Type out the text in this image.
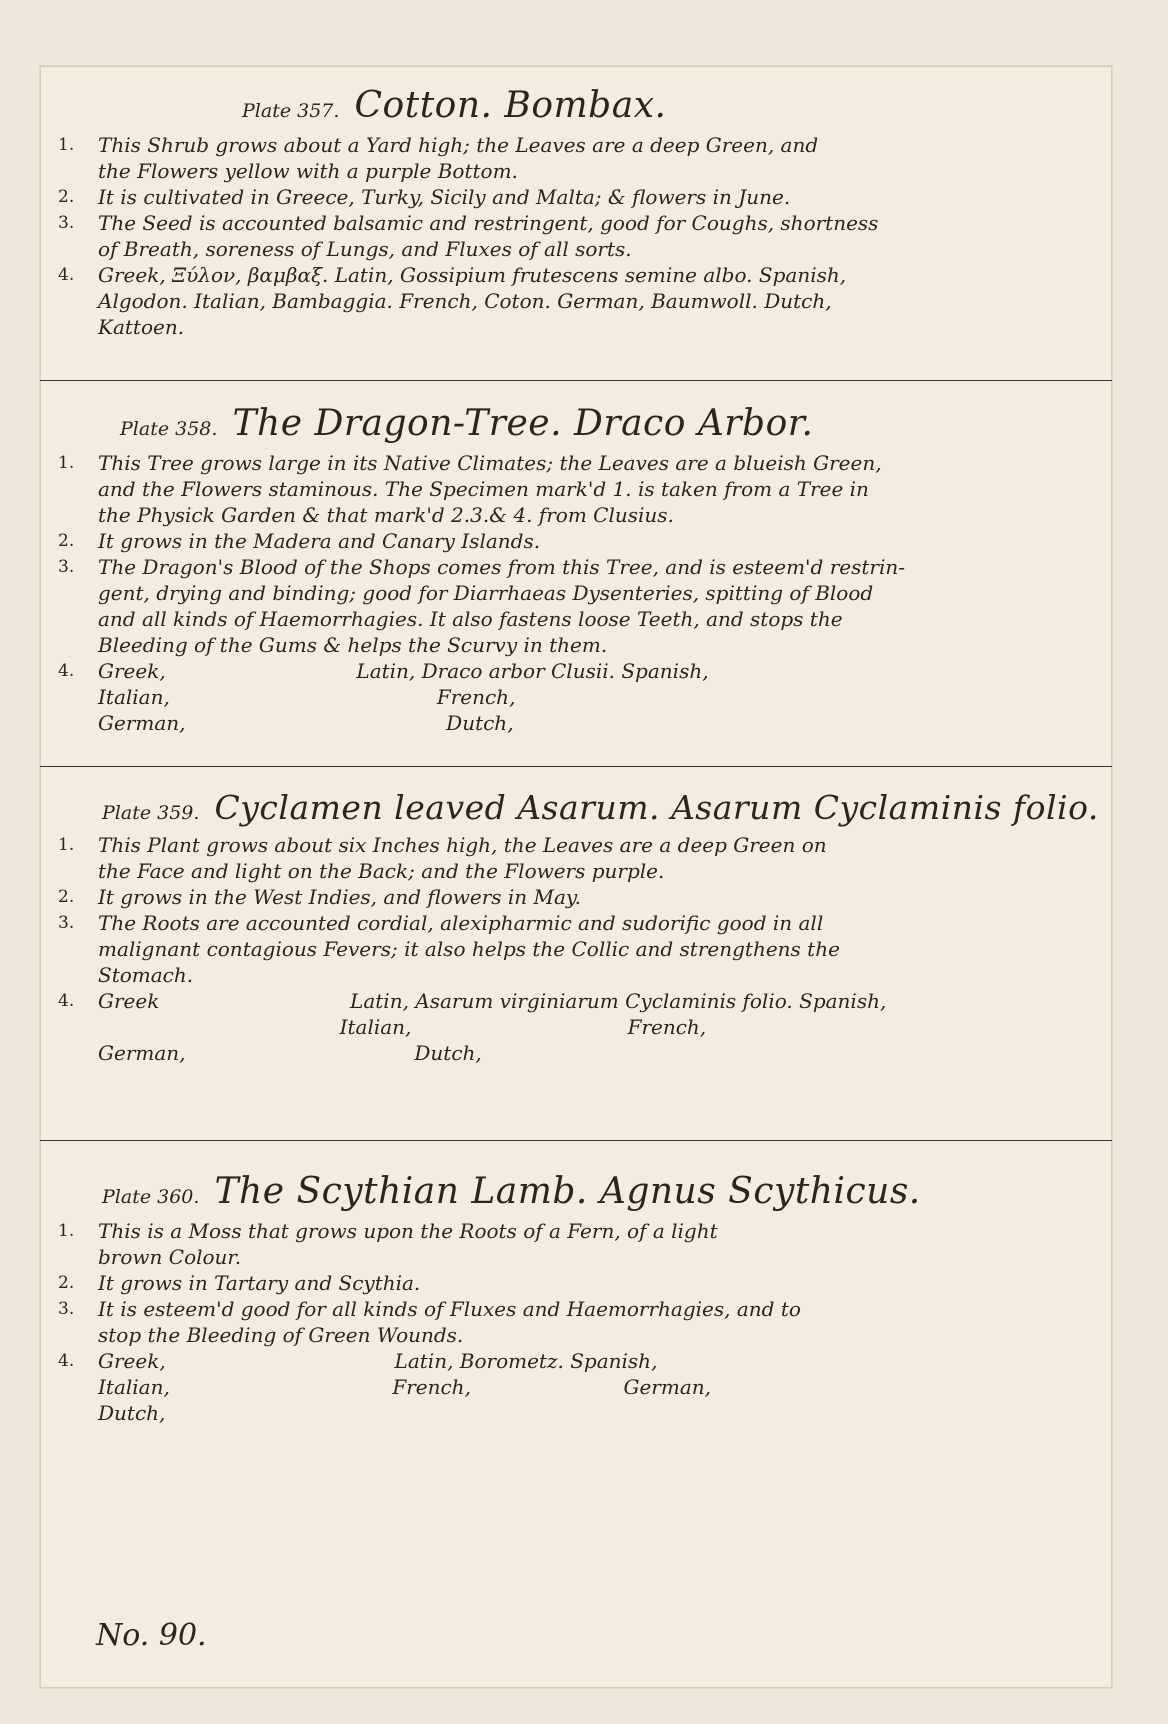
Plate 357. Cotton. Bombax.
1.	This Shrub grows about a Yard high; the Leaves are a deep Green, and
the Flowers yellow with a purple Bottom.
2.	It is cultivated in Greece, Turky, Sicily and Malta; & flowers in June.
3.	The Seed is accounted balsamic and restringent, good for Coughs, shortness
of Breath, soreness of Lungs, and Fluxes of all sorts.
4.	Greek, Ξύλον, βαμβαξ. Latin, Gossipium frutescens semine albo. Spanish,
Algodon. Italian, Bambaggia. French, Coton. German, Baumwoll. Dutch,
Kattoen.
Plate 358. The Dragon-Tree. Draco Arbor.
1.	This Tree grows large in its Native Climates; the Leaves are a blueish Green,
and the Flowers staminous. The Specimen mark'd 1. is taken from a Tree in
the Physick Garden & that mark'd 2.3.& 4. from Clusius.
2.	It grows in the Madera and Canary Islands.
3.	The Dragon's Blood of the Shops comes from this Tree, and is esteem'd restrin-
gent, drying and binding; good for Diarrhaeas Dysenteries, spitting of Blood
and all kinds of Haemorrhagies. It also fastens loose Teeth, and stops the
Bleeding of the Gums & helps the Scurvy in them.
4.	Greek,                              Latin, Draco arbor Clusii. Spanish,
Italian,                                          French,
German,                                         Dutch,
Plate 359. Cyclamen leaved Asarum. Asarum Cyclaminis folio.
1.	This Plant grows about six Inches high, the Leaves are a deep Green on
the Face and light on the Back; and the Flowers purple.
2.	It grows in the West Indies, and flowers in May.
3.	The Roots are accounted cordial, alexipharmic and sudorific good in all
malignant contagious Fevers; it also helps the Collic and strengthens the
Stomach.
4.	Greek                              Latin, Asarum virginiarum Cyclaminis folio. Spanish,
Italian,                                  French,
German,                                    Dutch,
Plate 360. The Scythian Lamb. Agnus Scythicus.
1.	This is a Moss that grows upon the Roots of a Fern, of a light
brown Colour.
2.	It grows in Tartary and Scythia.
3.	It is esteem'd good for all kinds of Fluxes and Haemorrhagies, and to
stop the Bleeding of Green Wounds.
4.	Greek,                                    Latin, Borometz. Spanish,
Italian,                                   French,                        German,
Dutch,
No. 90.
